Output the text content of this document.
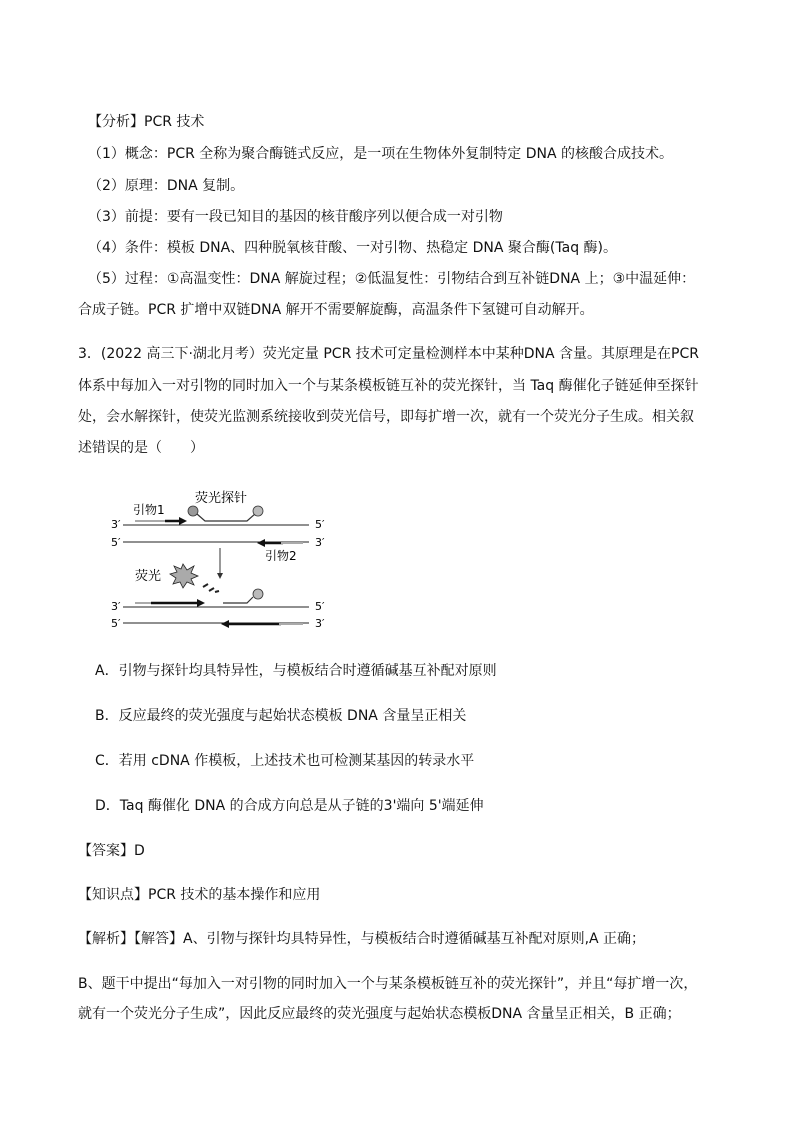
【分析】PCR 技术
（1）概念：PCR 全称为聚合酶链式反应，是一项在生物体外复制特定 DNA 的核酸合成技术。
（2）原理：DNA 复制。
（3）前提：要有一段已知目的基因的核苷酸序列以便合成一对引物
（4）条件：模板 DNA、四种脱氧核苷酸、一对引物、热稳定 DNA 聚合酶(Taq 酶)。
（5）过程：①高温变性：DNA 解旋过程；②低温复性：引物结合到互补链DNA 上；③中温延伸：
合成子链。PCR 扩增中双链DNA 解开不需要解旋酶，高温条件下氢键可自动解开。
3．(2022 高三下·湖北月考）荧光定量 PCR 技术可定量检测样本中某种DNA 含量。其原理是在PCR
体系中每加入一对引物的同时加入一个与某条模板链互补的荧光探针，当 Taq 酶催化子链延伸至探针
处，会水解探针，使荧光监测系统接收到荧光信号，即每扩增一次，就有一个荧光分子生成。相关叙
述错误的是（　　）
荧光探针
引物1
3′	5′
5′	3′
引物2
荧光
3′	5′
5′	3′
A．引物与探针均具特异性，与模板结合时遵循碱基互补配对原则
B．反应最终的荧光强度与起始状态模板 DNA 含量呈正相关
C．若用 cDNA 作模板，上述技术也可检测某基因的转录水平
D．Taq 酶催化 DNA 的合成方向总是从子链的3'端向 5'端延伸
【答案】D
【知识点】PCR 技术的基本操作和应用
【解析】【解答】A、引物与探针均具特异性，与模板结合时遵循碱基互补配对原则,A 正确；
B、题干中提出“每加入一对引物的同时加入一个与某条模板链互补的荧光探针”，并且“每扩增一次，
就有一个荧光分子生成”，因此反应最终的荧光强度与起始状态模板DNA 含量呈正相关，B 正确；
